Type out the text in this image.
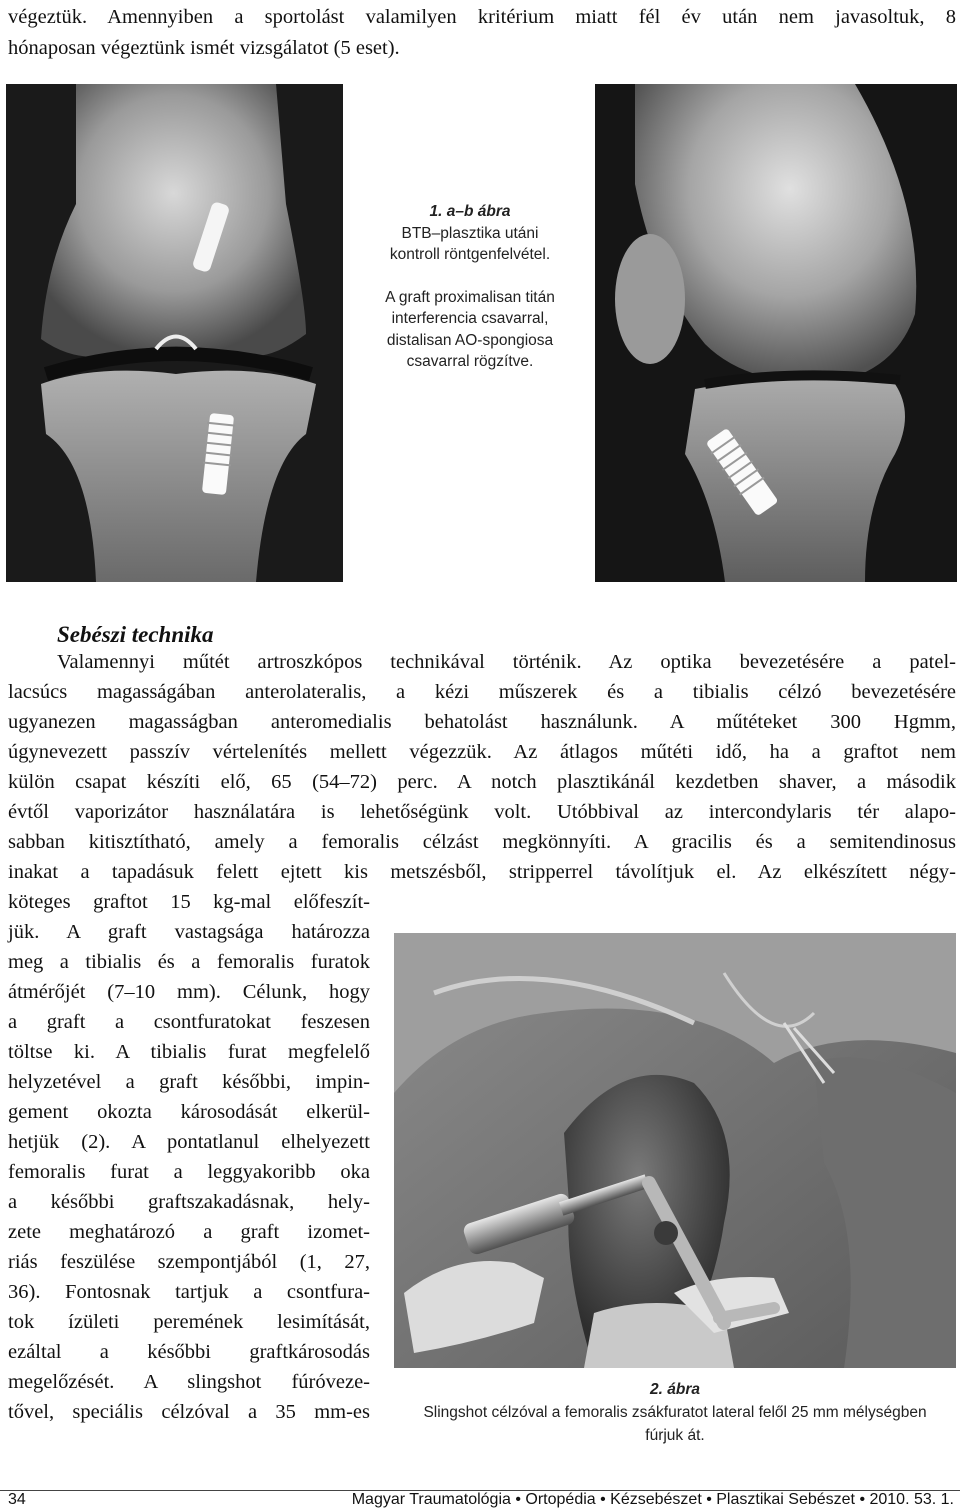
végeztük. Amennyiben a sportolást valamilyen kritérium miatt fél év után nem javasoltuk, 8
hónaposan végeztünk ismét vizsgálatot (5 eset).
1. a–b ábra
BTB–plasztika utáni
kontroll röntgenfelvétel.
A graft proximalisan titán
interferencia csavarral,
distalisan AO-spongiosa
csavarral rögzítve.
Sebészi technika
Valamennyi műtét artroszkópos technikával történik. Az optika bevezetésére a patel-
lacsúcs magasságában anterolateralis, a kézi műszerek és a tibialis célzó bevezetésére
ugyanezen magasságban anteromedialis behatolást használunk. A műtéteket 300 Hgmm,
úgynevezett passzív vértelenítés mellett végezzük. Az átlagos műtéti idő, ha a graftot nem
külön csapat készíti elő, 65 (54–72) perc. A notch plasztikánál kezdetben shaver, a második
évtől vaporizátor használatára is lehetőségünk volt. Utóbbival az intercondylaris tér alapo-
sabban kitisztítható, amely a femoralis célzást megkönnyíti. A gracilis és a semitendinosus
inakat a tapadásuk felett ejtett kis metszésből, stripperrel távolítjuk el. Az elkészített négy-
köteges graftot 15 kg-mal előfeszít-
jük. A graft vastagsága határozza
meg a tibialis és a femoralis furatok
átmérőjét (7–10 mm). Célunk, hogy
a graft a csontfuratokat feszesen
töltse ki. A tibialis furat megfelelő
helyzetével a graft későbbi, impin-
gement okozta károsodását elkerül-
hetjük (2). A pontatlanul elhelyezett
femoralis furat a leggyakoribb oka
a későbbi graftszakadásnak, hely-
zete meghatározó a graft izomet-
riás feszülése szempontjából (1, 27,
36). Fontosnak tartjuk a csontfura-
tok ízületi peremének lesimítását,
ezáltal a későbbi graftkárosodás
megelőzését. A slingshot fúróveze-
tővel, speciális célzóval a 35 mm-es
2. ábra
Slingshot célzóval a femoralis zsákfuratot lateral felől 25 mm mélységben
fúrjuk át.
34	Magyar Traumatológia • Ortopédia • Kézsebészet • Plasztikai Sebészet • 2010. 53. 1.
